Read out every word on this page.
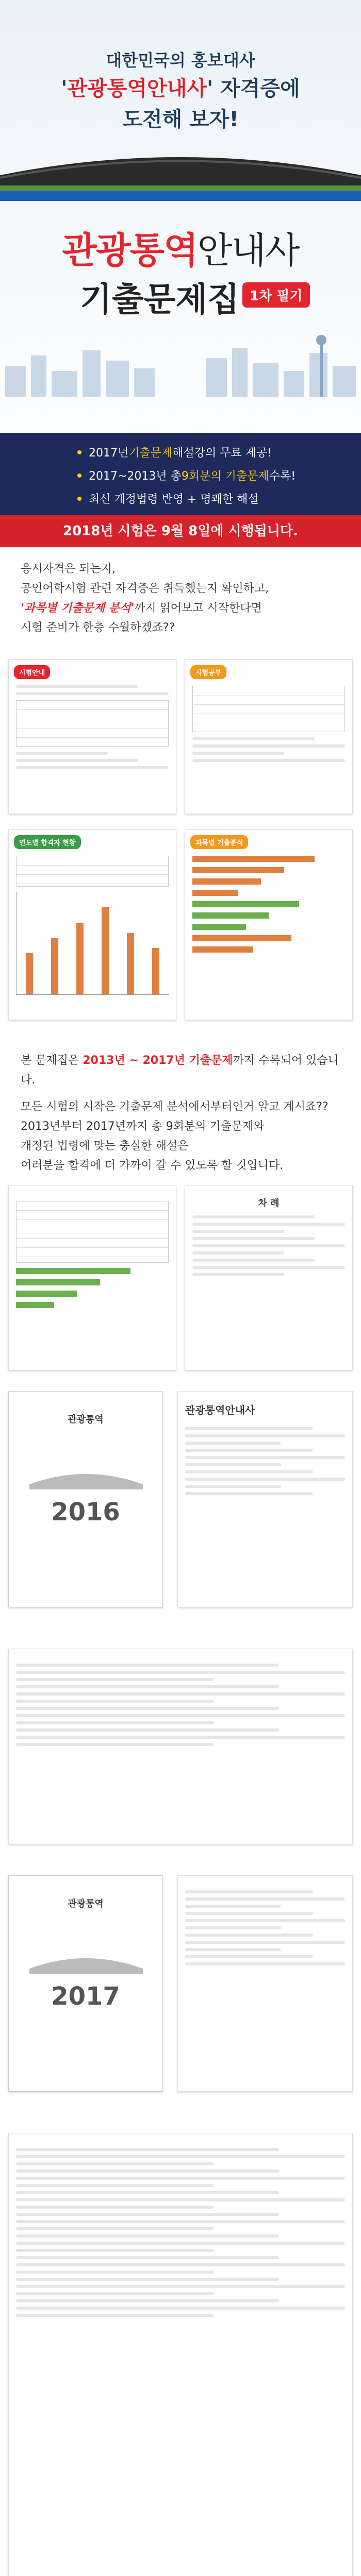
대한민국의 홍보대사
'관광통역안내사' 자격증에
도전해 보자!
관광통역안내사
기출문제집 1차 필기
2017년 기출문제 해설강의 무료 제공!
2017~2013년 총 9회분의 기출문제 수록!
최신 개정법령 반영 + 명쾌한 해설
2018년 시험은 9월 8일에 시행됩니다.
응시자격은 되는지,
공인어학시험 관련 자격증은 취득했는지 확인하고,
'과목별 기출문제 분석'까지 읽어보고 시작한다면
시험 준비가 한층 수월하겠죠??
시험안내	시험공부
연도별 합격자 현황	과목별 기출분석
본 문제집은 2013년 ~ 2017년 기출문제까지 수록되어 있습니다.
모든 시험의 시작은 기출문제 분석에서부터인거 알고 계시죠??
2013년부터 2017년까지 총 9회분의 기출문제와
개정된 법령에 맞는 충실한 해설은
여러분을 합격에 더 가까이 갈 수 있도록 할 것입니다.
차 례
관광통역
2016
관광통역안내사
관광통역
2017
